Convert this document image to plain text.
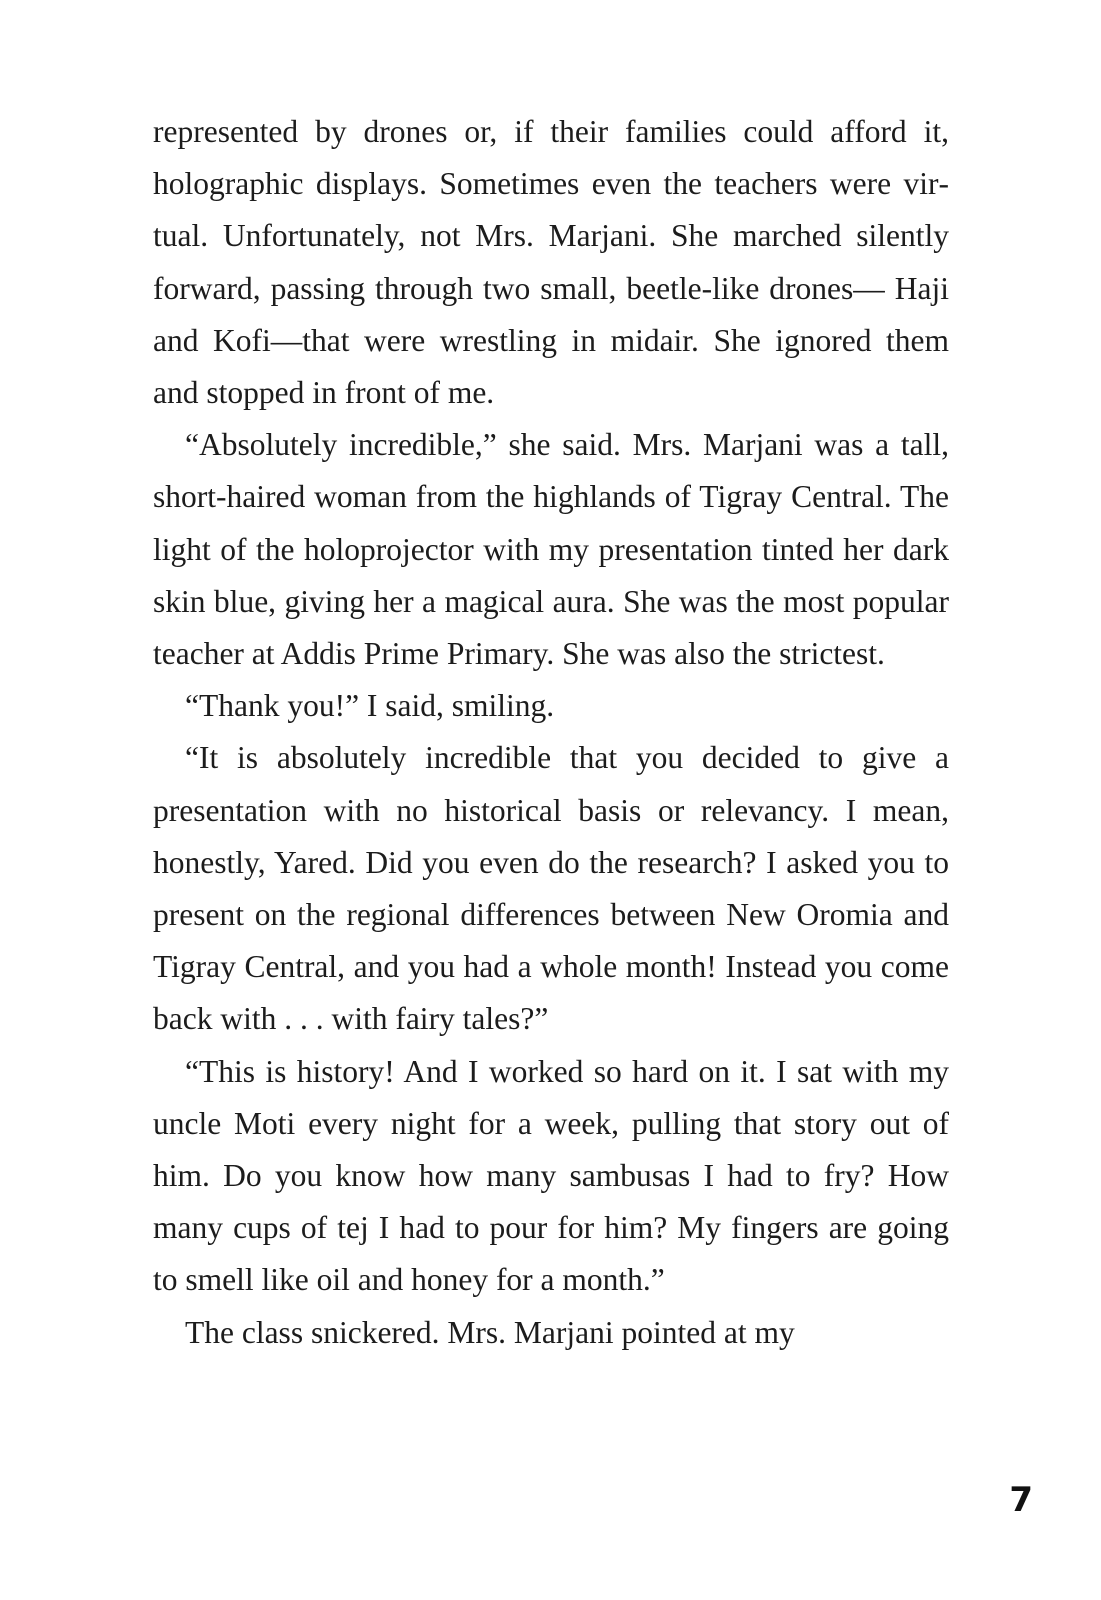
represented by drones or, if their families could afford it, holographic displays. Sometimes even the teachers were virtual. Unfortunately, not Mrs. Marjani. She marched silently forward, passing through two small, beetle-like drones— Haji and Kofi—that were wrestling in midair. She ignored them and stopped in front of me.

“Absolutely incredible,” she said. Mrs. Marjani was a tall, short-haired woman from the highlands of Tigray Central. The light of the holoprojector with my presentation tinted her dark skin blue, giving her a magical aura. She was the most popular teacher at Addis Prime Primary. She was also the strictest.

“Thank you!” I said, smiling.

“It is absolutely incredible that you decided to give a presentation with no historical basis or relevancy. I mean, honestly, Yared. Did you even do the research? I asked you to present on the regional differences between New Oromia and Tigray Central, and you had a whole month! Instead you come back with . . . with fairy tales?”

“This is history! And I worked so hard on it. I sat with my uncle Moti every night for a week, pulling that story out of him. Do you know how many sambusas I had to fry? How many cups of tej I had to pour for him? My fingers are going to smell like oil and honey for a month.”

The class snickered. Mrs. Marjani pointed at my

7
